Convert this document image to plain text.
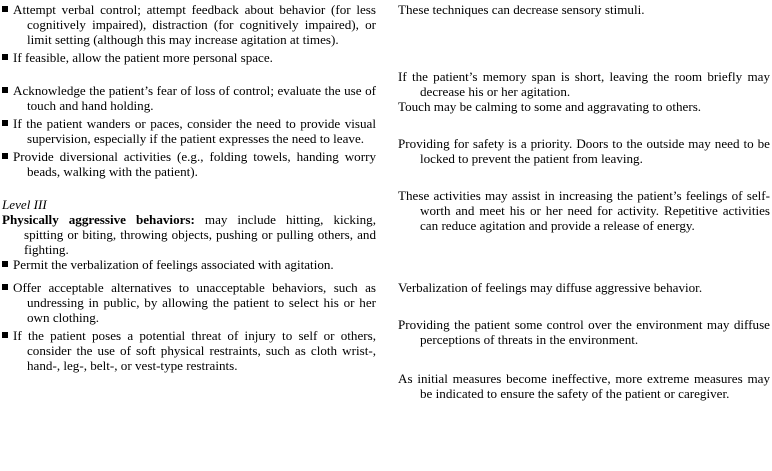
Attempt verbal control; attempt feedback about behavior (for less cognitively impaired), distraction (for cognitively impaired), or limit setting (although this may increase agitation at times).
If feasible, allow the patient more personal space.
Acknowledge the patient’s fear of loss of control; evaluate the use of touch and hand holding.
If the patient wanders or paces, consider the need to provide visual supervision, especially if the patient expresses the need to leave.
Provide diversional activities (e.g., folding towels, handing worry beads, walking with the patient).
Level III
Physically aggressive behaviors: may include hitting, kicking, spitting or biting, throwing objects, pushing or pulling others, and fighting.
Permit the verbalization of feelings associated with agitation.
Offer acceptable alternatives to unacceptable behaviors, such as undressing in public, by allowing the patient to select his or her own clothing.
If the patient poses a potential threat of injury to self or others, consider the use of soft physical restraints, such as cloth wrist-, hand-, leg-, belt-, or vest-type restraints.
These techniques can decrease sensory stimuli.
If the patient’s memory span is short, leaving the room briefly may decrease his or her agitation.
Touch may be calming to some and aggravating to others.
Providing for safety is a priority. Doors to the outside may need to be locked to prevent the patient from leaving.
These activities may assist in increasing the patient’s feelings of self-worth and meet his or her need for activity. Repetitive activities can reduce agitation and provide a release of energy.
Verbalization of feelings may diffuse aggressive behavior.
Providing the patient some control over the environment may diffuse perceptions of threats in the environment.
As initial measures become ineffective, more extreme measures may be indicated to ensure the safety of the patient or caregiver.
